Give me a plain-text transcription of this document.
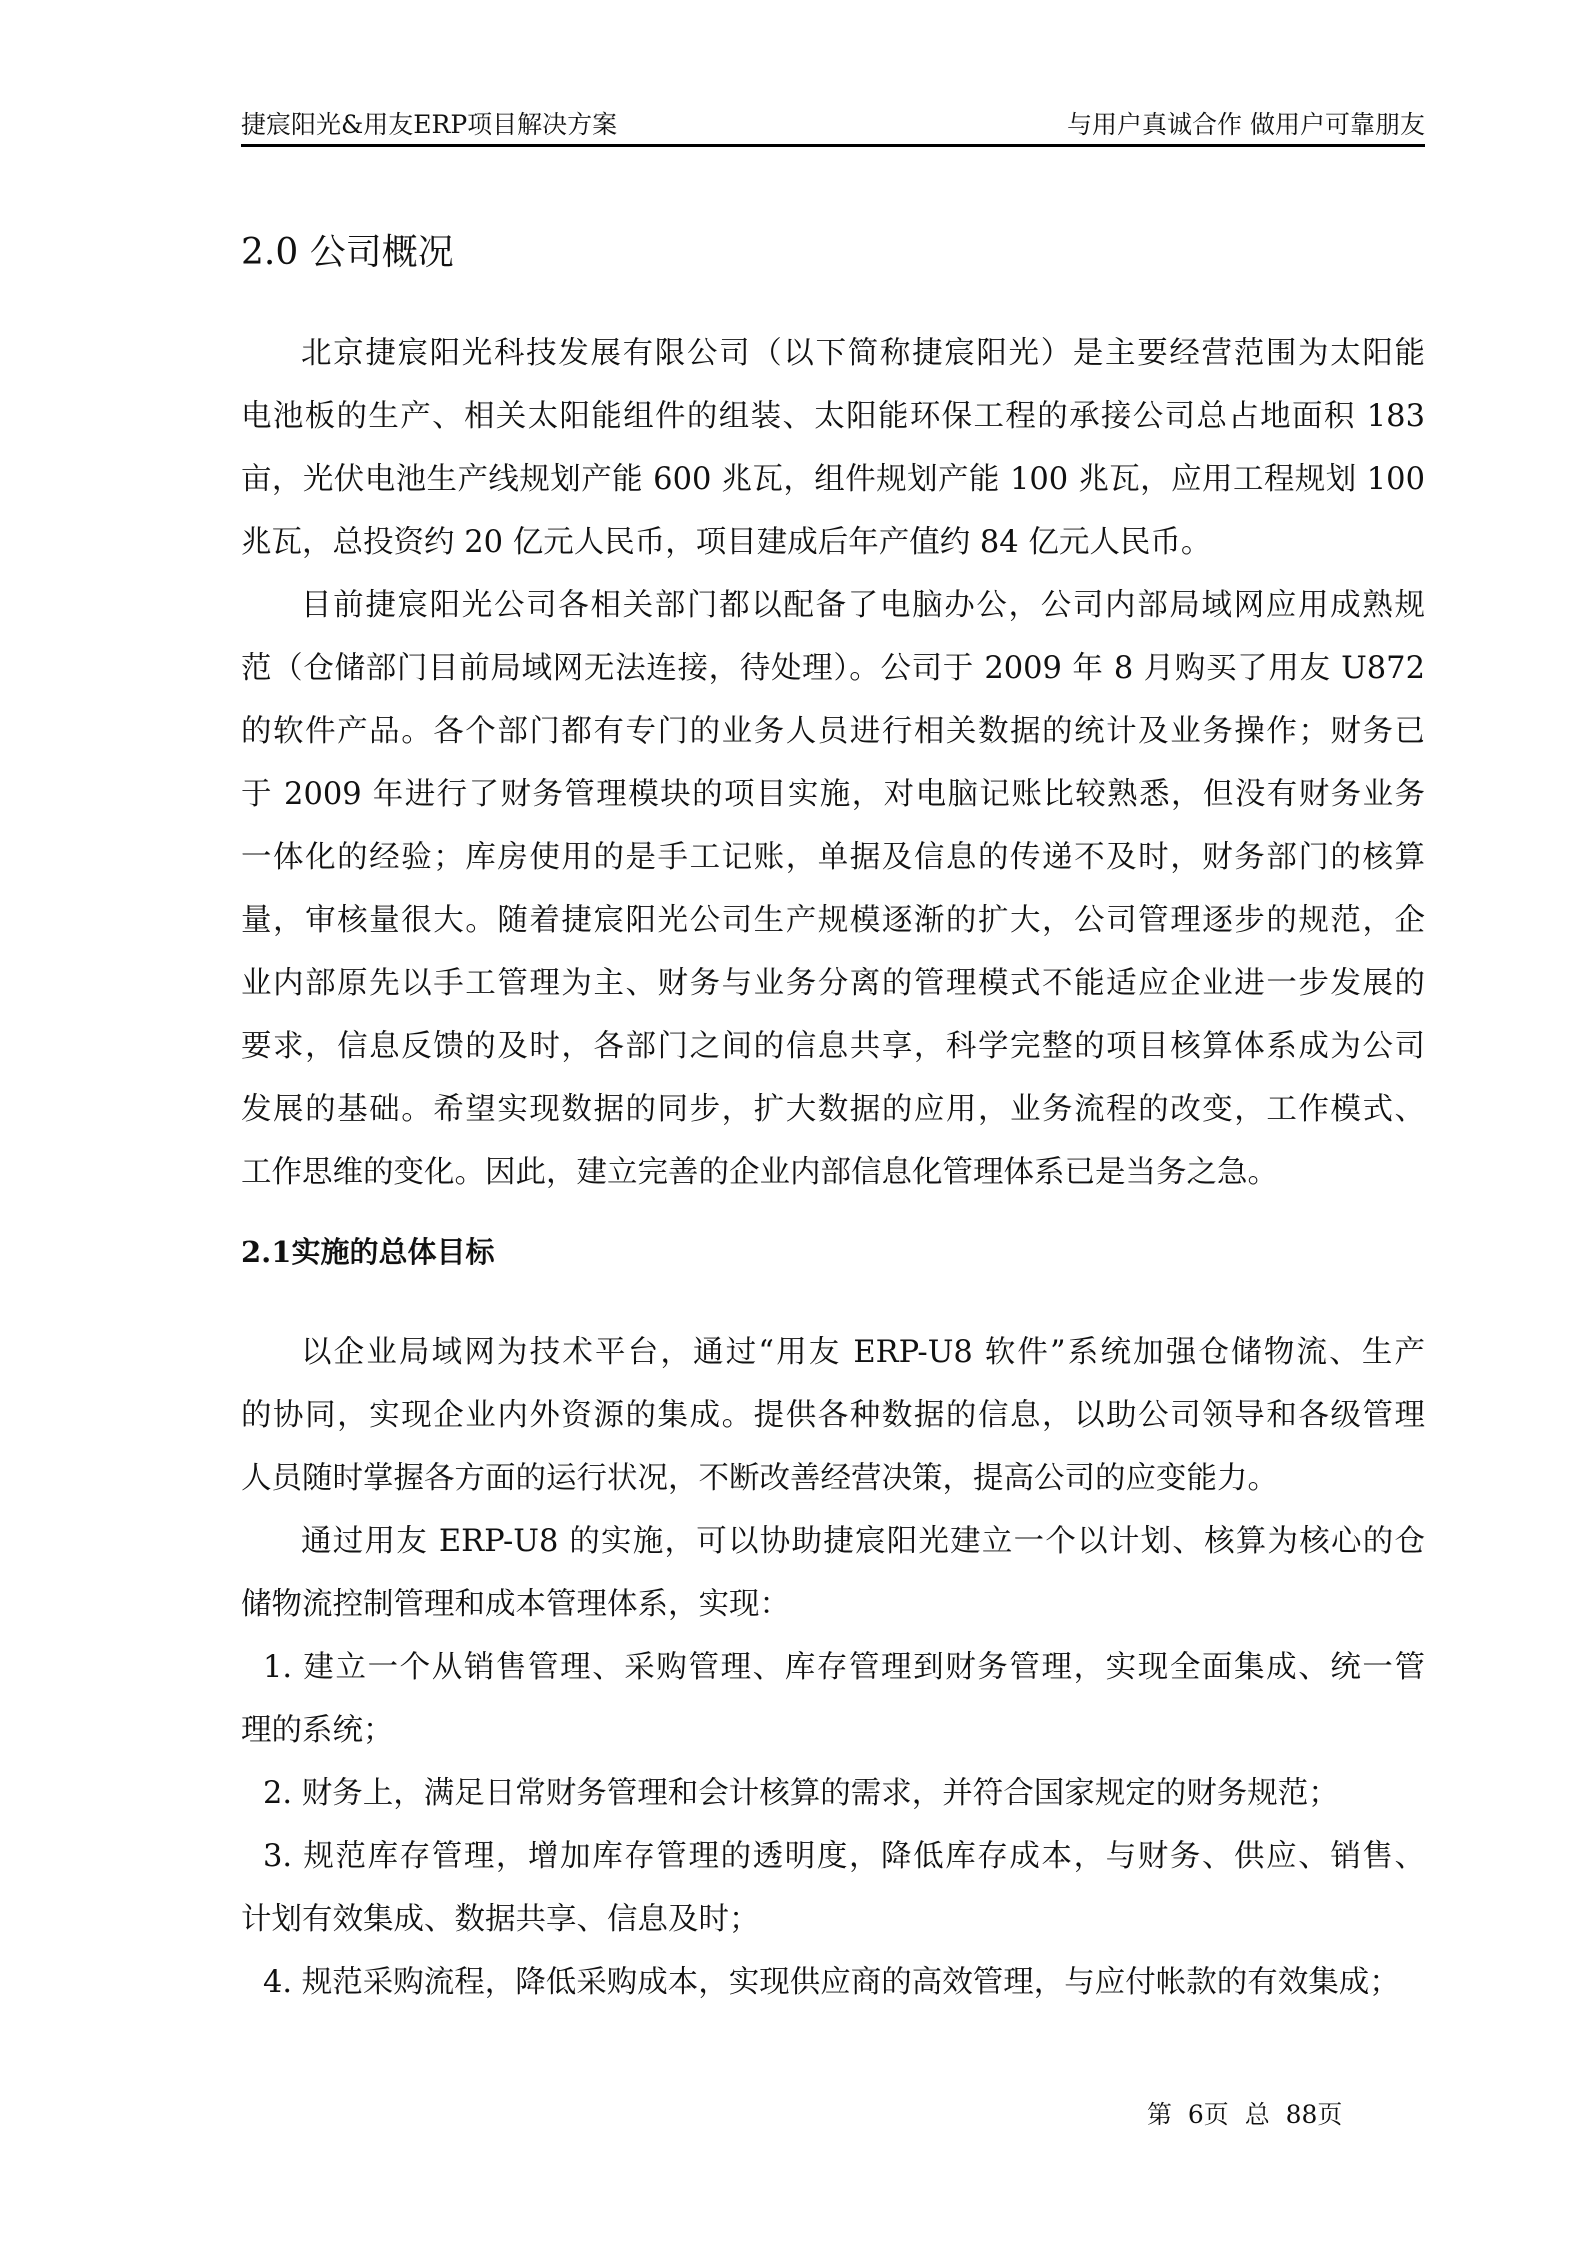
捷宸阳光&用友ERP项目解决方案	与用户真诚合作 做用户可靠朋友
2.0 公司概况
北京捷宸阳光科技发展有限公司（以下简称捷宸阳光）是主要经营范围为太阳能
电池板的生产、相关太阳能组件的组装、太阳能环保工程的承接公司总占地面积 183
亩，光伏电池生产线规划产能 600 兆瓦，组件规划产能 100 兆瓦，应用工程规划 100
兆瓦，总投资约 20 亿元人民币，项目建成后年产值约 84 亿元人民币。
目前捷宸阳光公司各相关部门都以配备了电脑办公，公司内部局域网应用成熟规
范（仓储部门目前局域网无法连接，待处理）。公司于 2009 年 8 月购买了用友 U872
的软件产品。各个部门都有专门的业务人员进行相关数据的统计及业务操作；财务已
于 2009 年进行了财务管理模块的项目实施，对电脑记账比较熟悉，但没有财务业务
一体化的经验；库房使用的是手工记账，单据及信息的传递不及时，财务部门的核算
量，审核量很大。随着捷宸阳光公司生产规模逐渐的扩大，公司管理逐步的规范，企
业内部原先以手工管理为主、财务与业务分离的管理模式不能适应企业进一步发展的
要求，信息反馈的及时，各部门之间的信息共享，科学完整的项目核算体系成为公司
发展的基础。希望实现数据的同步，扩大数据的应用，业务流程的改变，工作模式、
工作思维的变化。因此，建立完善的企业内部信息化管理体系已是当务之急。
2.1实施的总体目标
以企业局域网为技术平台，通过“用友 ERP-U8 软件”系统加强仓储物流、生产
的协同，实现企业内外资源的集成。提供各种数据的信息，以助公司领导和各级管理
人员随时掌握各方面的运行状况，不断改善经营决策，提高公司的应变能力。
通过用友 ERP-U8 的实施，可以协助捷宸阳光建立一个以计划、核算为核心的仓
储物流控制管理和成本管理体系，实现：
1. 建立一个从销售管理、采购管理、库存管理到财务管理，实现全面集成、统一管
理的系统；
2. 财务上，满足日常财务管理和会计核算的需求，并符合国家规定的财务规范；
3. 规范库存管理，增加库存管理的透明度，降低库存成本，与财务、供应、销售、
计划有效集成、数据共享、信息及时；
4. 规范采购流程，降低采购成本，实现供应商的高效管理，与应付帐款的有效集成；
第  6页  总  88页
